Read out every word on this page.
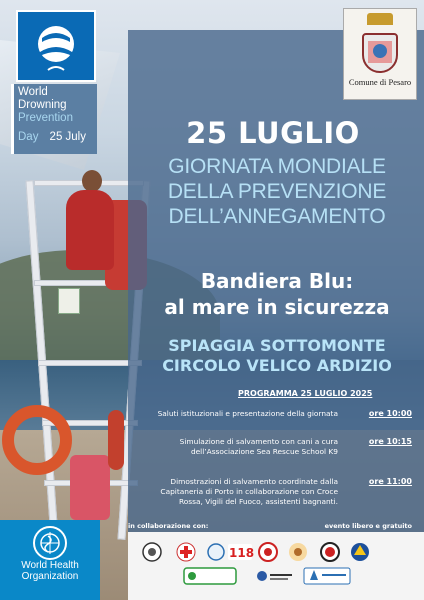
World
Drowning
Prevention
Day 25 July
Comune di Pesaro
25 LUGLIO
GIORNATA MONDIALE
DELLA PREVENZIONE
DELL’ANNEGAMENTO
Bandiera Blu:
al mare in sicurezza
SPIAGGIA SOTTOMONTE
CIRCOLO VELICO ARDIZIO
PROGRAMMA 25 LUGLIO 2025
Saluti istituzionali e presentazione della giornata	ore 10:00
Simulazione di salvamento con cani a cura
dell’Associazione Sea Rescue School K9
ore 10:15
Dimostrazioni di salvamento coordinate dalla
Capitaneria di Porto in collaborazione con Croce
Rossa, Vigili del Fuoco, assistenti bagnanti.
ore 11:00
in collaborazione con:	evento libero e gratuito
118
World Health
Organization
